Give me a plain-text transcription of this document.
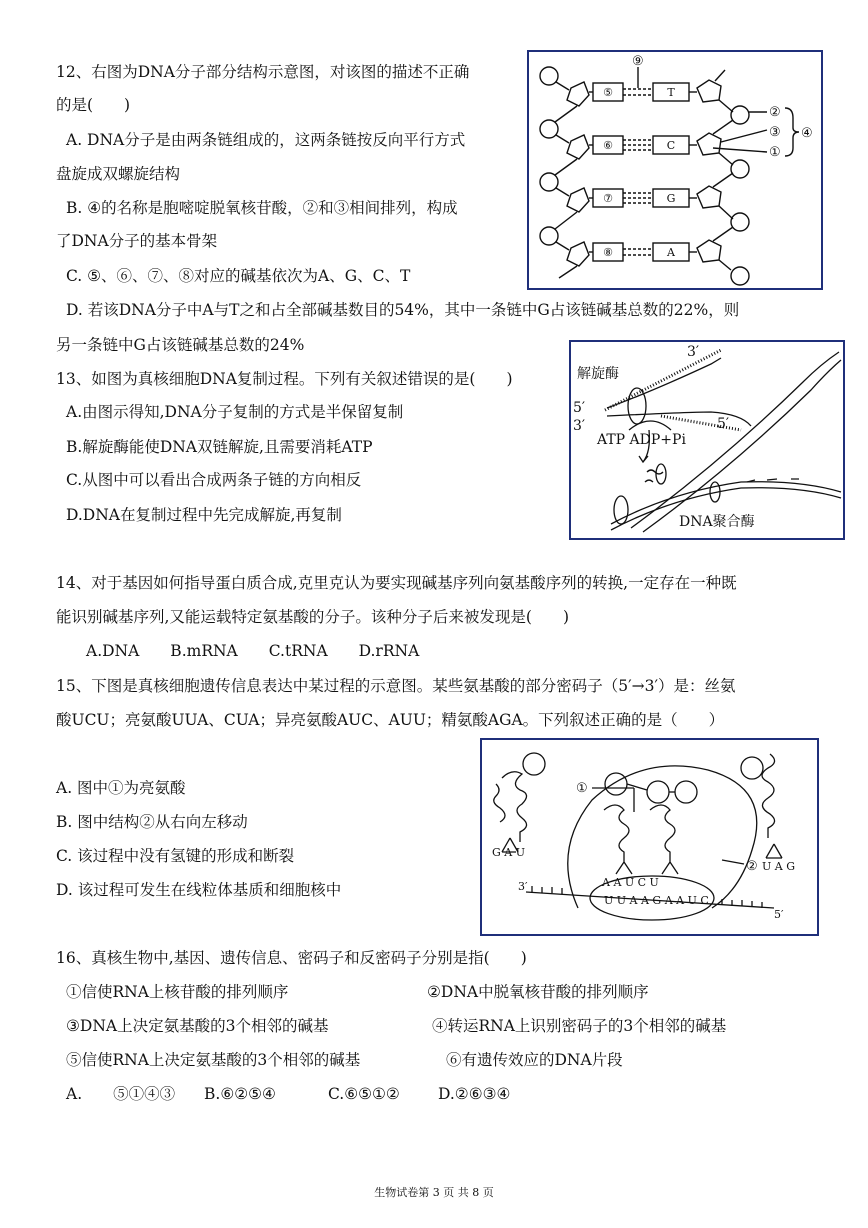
12、右图为DNA分子部分结构示意图，对该图的描述不正确
的是(　　)
A. DNA分子是由两条链组成的，这两条链按反向平行方式
盘旋成双螺旋结构
B. ④的名称是胞嘧啶脱氧核苷酸，②和③相间排列，构成
了DNA分子的基本骨架
C. ⑤、⑥、⑦、⑧对应的碱基依次为A、G、C、T
D. 若该DNA分子中A与T之和占全部碱基数目的54%，其中一条链中G占该链碱基总数的22%，则
另一条链中G占该链碱基总数的24%
⑤
⑥
⑦
⑧
T
C
G
A
⑨
②
③
①
④
13、如图为真核细胞DNA复制过程。下列有关叙述错误的是(　　)
A.由图示得知,DNA分子复制的方式是半保留复制
B.解旋酶能使DNA双链解旋,且需要消耗ATP
C.从图中可以看出合成两条子链的方向相反
D.DNA在复制过程中先完成解旋,再复制
解旋酶
3′
5′
3′	5′
ATP ADP+Pi
DNA聚合酶
14、对于基因如何指导蛋白质合成,克里克认为要实现碱基序列向氨基酸序列的转换,一定存在一种既
能识别碱基序列,又能运载特定氨基酸的分子。该种分子后来被发现是(　　)
A.DNA　　B.mRNA　　C.tRNA　　D.rRNA
15、下图是真核细胞遗传信息表达中某过程的示意图。某些氨基酸的部分密码子（5′→3′）是：丝氨
酸UCU；亮氨酸UUA、CUA；异亮氨酸AUC、AUU；精氨酸AGA。下列叙述正确的是（　　）
A. 图中①为亮氨酸
B. 图中结构②从右向左移动
C. 该过程中没有氢键的形成和断裂
D. 该过程可发生在线粒体基质和细胞核中
G A U
U A G
A A U C U
U U A A G A A U C
3′
5′
①
②
16、真核生物中,基因、遗传信息、密码子和反密码子分别是指(　　)
①信使RNA上核苷酸的排列顺序	②DNA中脱氧核苷酸的排列顺序
③DNA上决定氨基酸的3个相邻的碱基	④转运RNA上识别密码子的3个相邻的碱基
⑤信使RNA上决定氨基酸的3个相邻的碱基	⑥有遗传效应的DNA片段
A.　　⑤①④③ B.⑥②⑤④	C.⑥⑤①② D.②⑥③④
生物试卷第 3 页 共 8 页
